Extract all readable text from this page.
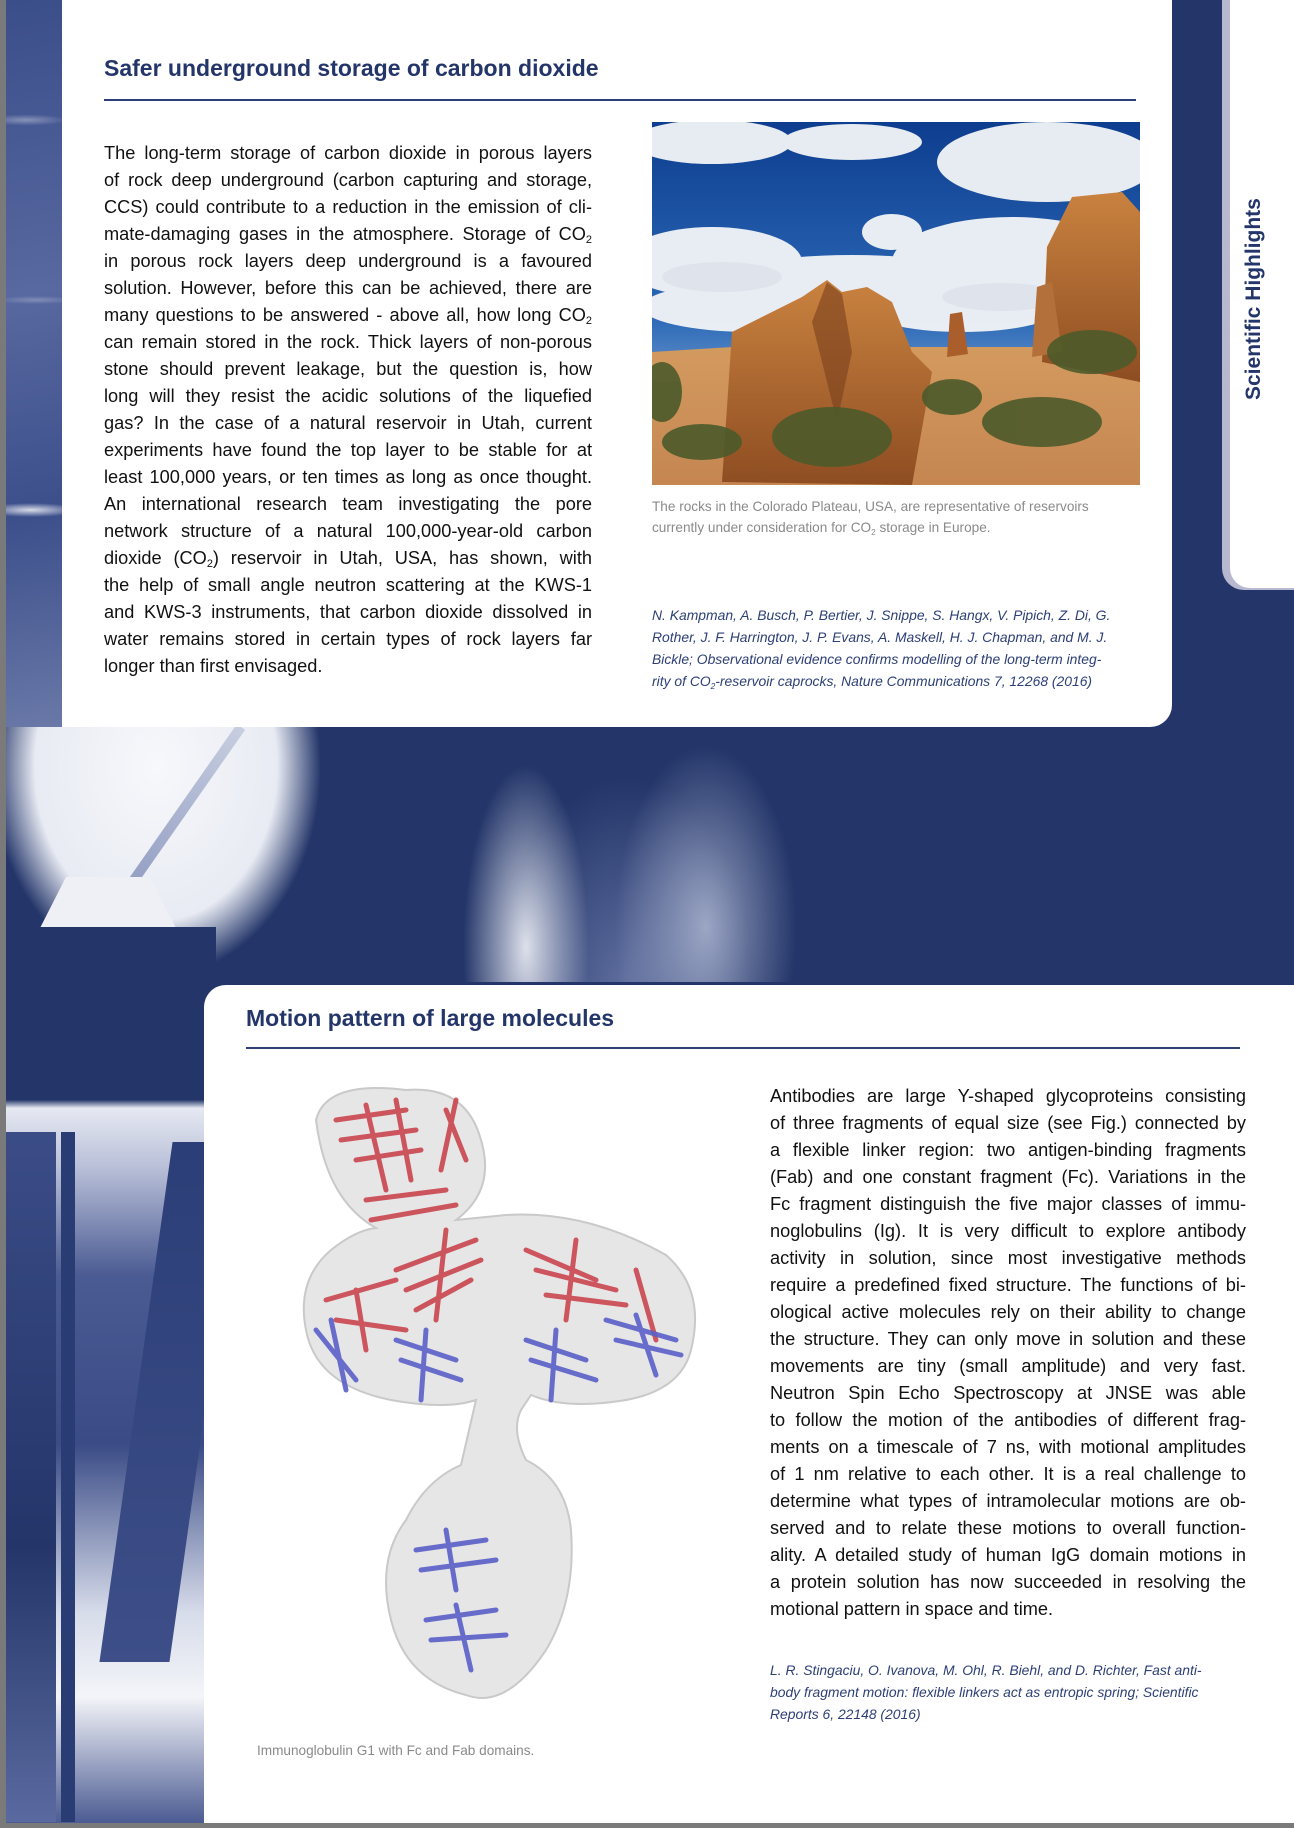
Scientific Highlights
Safer underground storage of carbon dioxide
The long-term storage of carbon dioxide in porous layers
of rock deep underground (carbon capturing and storage,
CCS) could contribute to a reduction in the emission of cli-
mate-damaging gases in the atmosphere. Storage of $CO_2$
in porous rock layers deep underground is a favoured
solution. However, before this can be achieved, there are
many questions to be answered - above all, how long $CO_2$
can remain stored in the rock. Thick layers of non-porous
stone should prevent leakage, but the question is, how
long will they resist the acidic solutions of the liquefied
gas? In the case of a natural reservoir in Utah, current
experiments have found the top layer to be stable for at
least 100,000 years, or ten times as long as once thought.
An international research team investigating the pore
network structure of a natural 100,000-year-old carbon
dioxide $(CO_2)$ reservoir in Utah, USA, has shown, with
the help of small angle neutron scattering at the KWS-1
and KWS-3 instruments, that carbon dioxide dissolved in
water remains stored in certain types of rock layers far
longer than first envisaged.

The rocks in the Colorado Plateau, USA, are representative of reservoirs
currently under consideration for $CO_2$ storage in Europe.

N. Kampman, A. Busch, P. Bertier, J. Snippe, S. Hangx, V. Pipich, Z. Di, G.
Rother, J. F. Harrington, J. P. Evans, A. Maskell, H. J. Chapman, and M. J.
Bickle; Observational evidence confirms modelling of the long-term integ-
rity of $CO_2$-reservoir caprocks, Nature Communications 7, 12268 (2016)

Motion pattern of large molecules
Antibodies are large Y-shaped glycoproteins consisting
of three fragments of equal size (see Fig.) connected by
a flexible linker region: two antigen-binding fragments
(Fab) and one constant fragment (Fc). Variations in the
Fc fragment distinguish the five major classes of immu-
noglobulins (Ig). It is very difficult to explore antibody
activity in solution, since most investigative methods
require a predefined fixed structure. The functions of bi-
ological active molecules rely on their ability to change
the structure. They can only move in solution and these
movements are tiny (small amplitude) and very fast.
Neutron Spin Echo Spectroscopy at JNSE was able
to follow the motion of the antibodies of different frag-
ments on a timescale of 7 ns, with motional amplitudes
of 1 nm relative to each other. It is a real challenge to
determine what types of intramolecular motions are ob-
served and to relate these motions to overall function-
ality. A detailed study of human IgG domain motions in
a protein solution has now succeeded in resolving the
motional pattern in space and time.

L. R. Stingaciu, O. Ivanova, M. Ohl, R. Biehl, and D. Richter, Fast anti-
body fragment motion: flexible linkers act as entropic spring; Scientific
Reports 6, 22148 (2016)

Immunoglobulin G1 with Fc and Fab domains.
